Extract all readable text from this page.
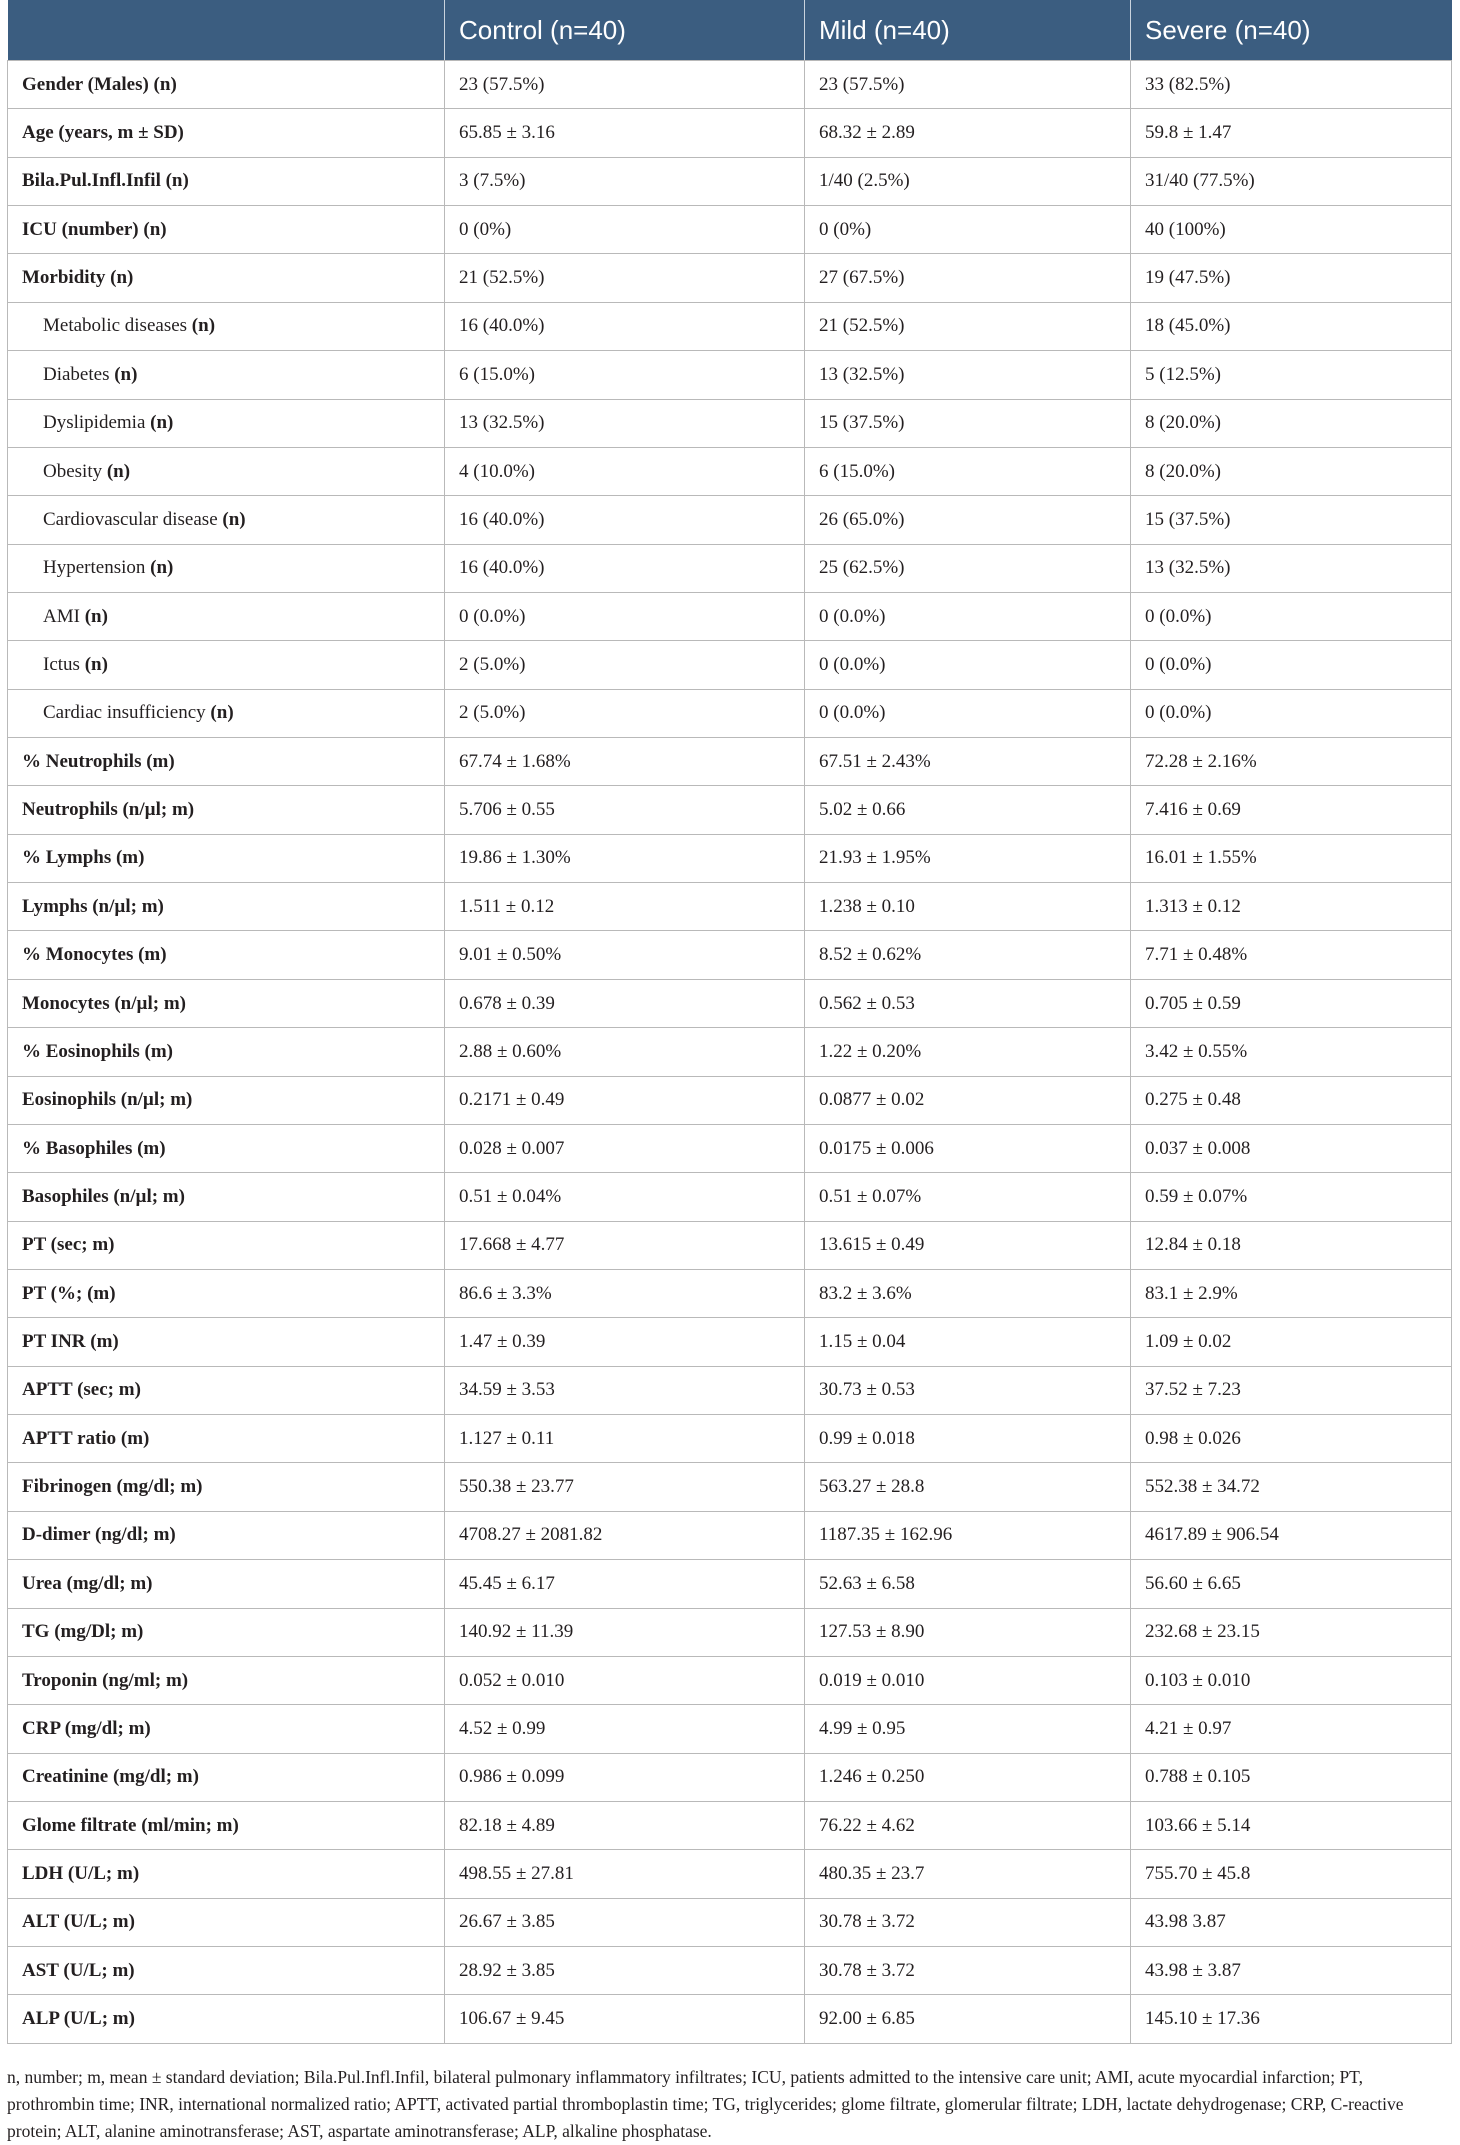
	Control (n=40)	Mild (n=40)	Severe (n=40)
Gender (Males) (n)	23 (57.5%)	23 (57.5%)	33 (82.5%)
Age (years, m ± SD)	65.85 ± 3.16	68.32 ± 2.89	59.8 ± 1.47
Bila.Pul.Infl.Infil (n)	3 (7.5%)	1/40 (2.5%)	31/40 (77.5%)
ICU (number) (n)	0 (0%)	0 (0%)	40 (100%)
Morbidity (n)	21 (52.5%)	27 (67.5%)	19 (47.5%)
Metabolic diseases (n)	16 (40.0%)	21 (52.5%)	18 (45.0%)
Diabetes (n)	6 (15.0%)	13 (32.5%)	5 (12.5%)
Dyslipidemia (n)	13 (32.5%)	15 (37.5%)	8 (20.0%)
Obesity (n)	4 (10.0%)	6 (15.0%)	8 (20.0%)
Cardiovascular disease (n)	16 (40.0%)	26 (65.0%)	15 (37.5%)
Hypertension (n)	16 (40.0%)	25 (62.5%)	13 (32.5%)
AMI (n)	0 (0.0%)	0 (0.0%)	0 (0.0%)
Ictus (n)	2 (5.0%)	0 (0.0%)	0 (0.0%)
Cardiac insufficiency (n)	2 (5.0%)	0 (0.0%)	0 (0.0%)
% Neutrophils (m)	67.74 ± 1.68%	67.51 ± 2.43%	72.28 ± 2.16%
Neutrophils (n/µl; m)	5.706 ± 0.55	5.02 ± 0.66	7.416 ± 0.69
% Lymphs (m)	19.86 ± 1.30%	21.93 ± 1.95%	16.01 ± 1.55%
Lymphs (n/µl; m)	1.511 ± 0.12	1.238 ± 0.10	1.313 ± 0.12
% Monocytes (m)	9.01 ± 0.50%	8.52 ± 0.62%	7.71 ± 0.48%
Monocytes (n/µl; m)	0.678 ± 0.39	0.562 ± 0.53	0.705 ± 0.59
% Eosinophils (m)	2.88 ± 0.60%	1.22 ± 0.20%	3.42 ± 0.55%
Eosinophils (n/µl; m)	0.2171 ± 0.49	0.0877 ± 0.02	0.275 ± 0.48
% Basophiles (m)	0.028 ± 0.007	0.0175 ± 0.006	0.037 ± 0.008
Basophiles (n/µl; m)	0.51 ± 0.04%	0.51 ± 0.07%	0.59 ± 0.07%
PT (sec; m)	17.668 ± 4.77	13.615 ± 0.49	12.84 ± 0.18
PT (%; (m)	86.6 ± 3.3%	83.2 ± 3.6%	83.1 ± 2.9%
PT INR (m)	1.47 ± 0.39	1.15 ± 0.04	1.09 ± 0.02
APTT (sec; m)	34.59 ± 3.53	30.73 ± 0.53	37.52 ± 7.23
APTT ratio (m)	1.127 ± 0.11	0.99 ± 0.018	0.98 ± 0.026
Fibrinogen (mg/dl; m)	550.38 ± 23.77	563.27 ± 28.8	552.38 ± 34.72
D-dimer (ng/dl; m)	4708.27 ± 2081.82	1187.35 ± 162.96	4617.89 ± 906.54
Urea (mg/dl; m)	45.45 ± 6.17	52.63 ± 6.58	56.60 ± 6.65
TG (mg/Dl; m)	140.92 ± 11.39	127.53 ± 8.90	232.68 ± 23.15
Troponin (ng/ml; m)	0.052 ± 0.010	0.019 ± 0.010	0.103 ± 0.010
CRP (mg/dl; m)	4.52 ± 0.99	4.99 ± 0.95	4.21 ± 0.97
Creatinine (mg/dl; m)	0.986 ± 0.099	1.246 ± 0.250	0.788 ± 0.105
Glome filtrate (ml/min; m)	82.18 ± 4.89	76.22 ± 4.62	103.66 ± 5.14
LDH (U/L; m)	498.55 ± 27.81	480.35 ± 23.7	755.70 ± 45.8
ALT (U/L; m)	26.67 ± 3.85	30.78 ± 3.72	43.98 3.87
AST (U/L; m)	28.92 ± 3.85	30.78 ± 3.72	43.98 ± 3.87
ALP (U/L; m)	106.67 ± 9.45	92.00 ± 6.85	145.10 ± 17.36

n, number; m, mean ± standard deviation; Bila.Pul.Infl.Infil, bilateral pulmonary inflammatory infiltrates; ICU, patients admitted to the intensive care unit; AMI, acute myocardial infarction; PT, prothrombin time; INR, international normalized ratio; APTT, activated partial thromboplastin time; TG, triglycerides; glome filtrate, glomerular filtrate; LDH, lactate dehydrogenase; CRP, C-reactive protein; ALT, alanine aminotransferase; AST, aspartate aminotransferase; ALP, alkaline phosphatase.
